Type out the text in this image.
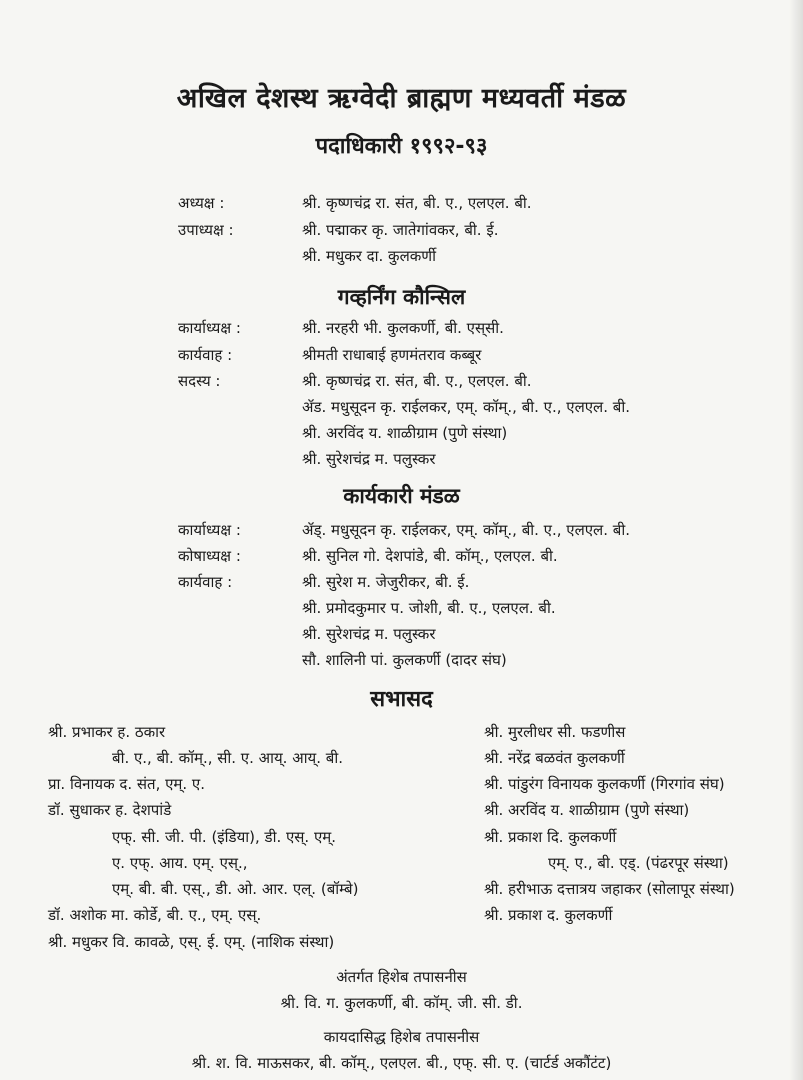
अखिल देशस्थ ऋग्वेदी ब्राह्मण मध्यवर्ती मंडळ
पदाधिकारी १९९२-९३
अध्यक्ष :	श्री. कृष्णचंद्र रा. संत, बी. ए., एलएल. बी.
उपाध्यक्ष :	श्री. पद्माकर कृ. जातेगांवकर, बी. ई.
श्री. मधुकर दा. कुलकर्णी
गव्हर्निंग कौन्सिल
कार्याध्यक्ष :	श्री. नरहरी भी. कुलकर्णी, बी. एस्‌सी.
कार्यवाह :	श्रीमती राधाबाई हणमंतराव कब्बूर
सदस्य :	श्री. कृष्णचंद्र रा. संत, बी. ए., एलएल. बी.
ॲड. मधुसूदन कृ. राईलकर, एम्. कॉम्., बी. ए., एलएल. बी.
श्री. अरविंद य. शाळीग्राम (पुणे संस्था)
श्री. सुरेशचंद्र म. पलुस्कर
कार्यकारी मंडळ
कार्याध्यक्ष :	ॲड्. मधुसूदन कृ. राईलकर, एम्. कॉम्., बी. ए., एलएल. बी.
कोषाध्यक्ष :	श्री. सुनिल गो. देशपांडे, बी. कॉम्., एलएल. बी.
कार्यवाह :	श्री. सुरेश म. जेजुरीकर, बी. ई.
श्री. प्रमोदकुमार प. जोशी, बी. ए., एलएल. बी.
श्री. सुरेशचंद्र म. पलुस्कर
सौ. शालिनी पां. कुलकर्णी (दादर संघ)
सभासद
श्री. प्रभाकर ह. ठकार
बी. ए., बी. कॉम्., सी. ए. आय्. आय्. बी.
प्रा. विनायक द. संत, एम्. ए.
डॉ. सुधाकर ह. देशपांडे
एफ्. सी. जी. पी. (इंडिया), डी. एस्. एम्.
ए. एफ्. आय. एम्. एस्.,
एम्. बी. बी. एस्., डी. ओ. आर. एल्. (बॉम्बे)
डॉ. अशोक मा. कोर्डे, बी. ए., एम्. एस्.
श्री. मधुकर वि. कावळे, एस्. ई. एम्. (नाशिक संस्था)
श्री. मुरलीधर सी. फडणीस
श्री. नरेंद्र बळवंत कुलकर्णी
श्री. पांडुरंग विनायक कुलकर्णी (गिरगांव संघ)
श्री. अरविंद य. शाळीग्राम (पुणे संस्था)
श्री. प्रकाश दि. कुलकर्णी
एम्. ए., बी. एड्. (पंढरपूर संस्था)
श्री. हरीभाऊ दत्तात्रय जहाकर (सोलापूर संस्था)
श्री. प्रकाश द. कुलकर्णी
अंतर्गत हिशेब तपासनीस
श्री. वि. ग. कुलकर्णी, बी. कॉम्. जी. सी. डी.
कायदासिद्ध हिशेब तपासनीस
श्री. श. वि. माऊसकर, बी. कॉम्., एलएल. बी., एफ्. सी. ए. (चार्टर्ड अकौंटंट)
